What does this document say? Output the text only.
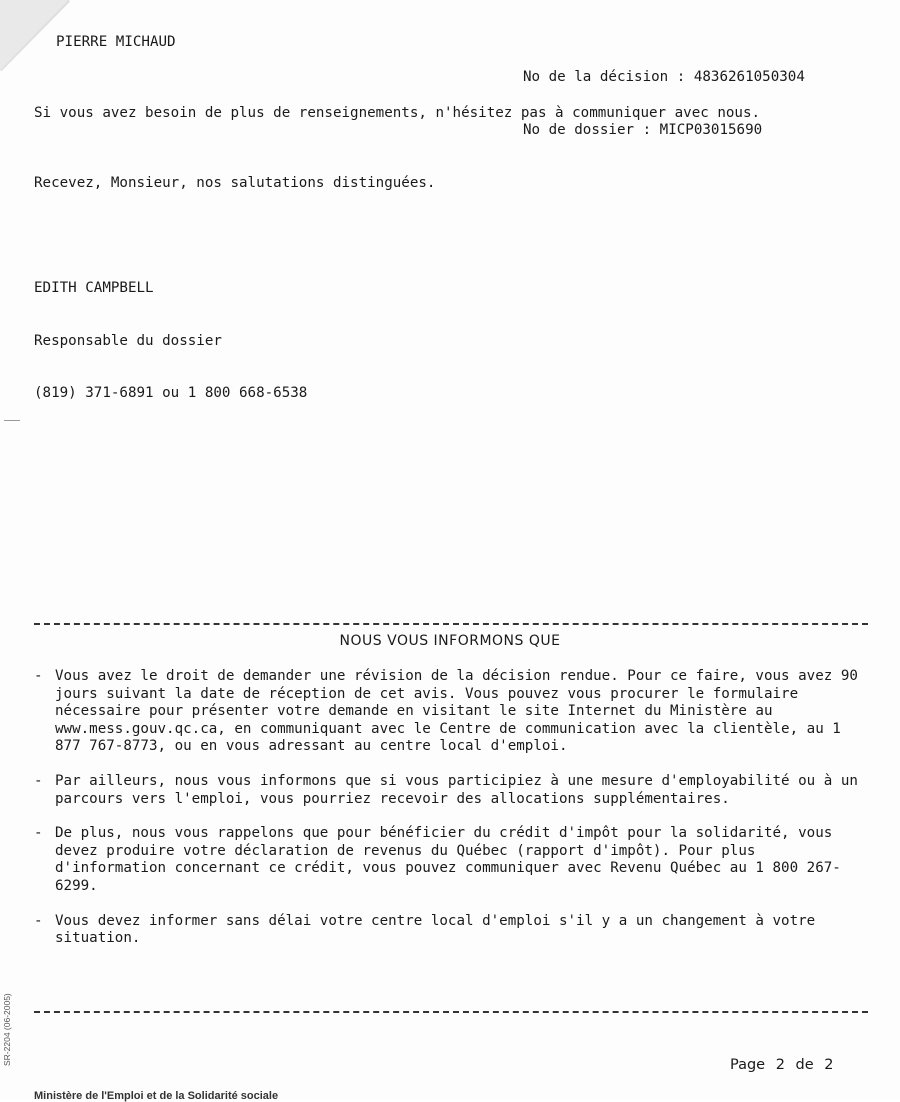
PIERRE MICHAUD

No de la décision : 4836261050304

No de dossier : MICP03015690

Si vous avez besoin de plus de renseignements, n'hésitez pas à communiquer avec nous.
Recevez, Monsieur, nos salutations distinguées.

EDITH CAMPBELL

Responsable du dossier

(819) 371-6891 ou 1 800 668-6538

NOUS VOUS INFORMONS QUE
- Vous avez le droit de demander une révision de la décision rendue. Pour ce faire, vous avez 90 jours suivant la date de réception de cet avis. Vous pouvez vous procurer le formulaire nécessaire pour présenter votre demande en visitant le site Internet du Ministère au www.mess.gouv.qc.ca, en communiquant avec le Centre de communication avec la clientèle, au 1 877 767-8773, ou en vous adressant au centre local d'emploi.
- Par ailleurs, nous vous informons que si vous participiez à une mesure d'employabilité ou à un parcours vers l'emploi, vous pourriez recevoir des allocations supplémentaires.
- De plus, nous vous rappelons que pour bénéficier du crédit d'impôt pour la solidarité, vous devez produire votre déclaration de revenus du Québec (rapport d'impôt). Pour plus d'information concernant ce crédit, vous pouvez communiquer avec Revenu Québec au 1 800 267-6299.
- Vous devez informer sans délai votre centre local d'emploi s'il y a un changement à votre situation.
Page 2 de 2
SR-2204 (06-2005)
Ministère de l'Emploi et de la Solidarité sociale
